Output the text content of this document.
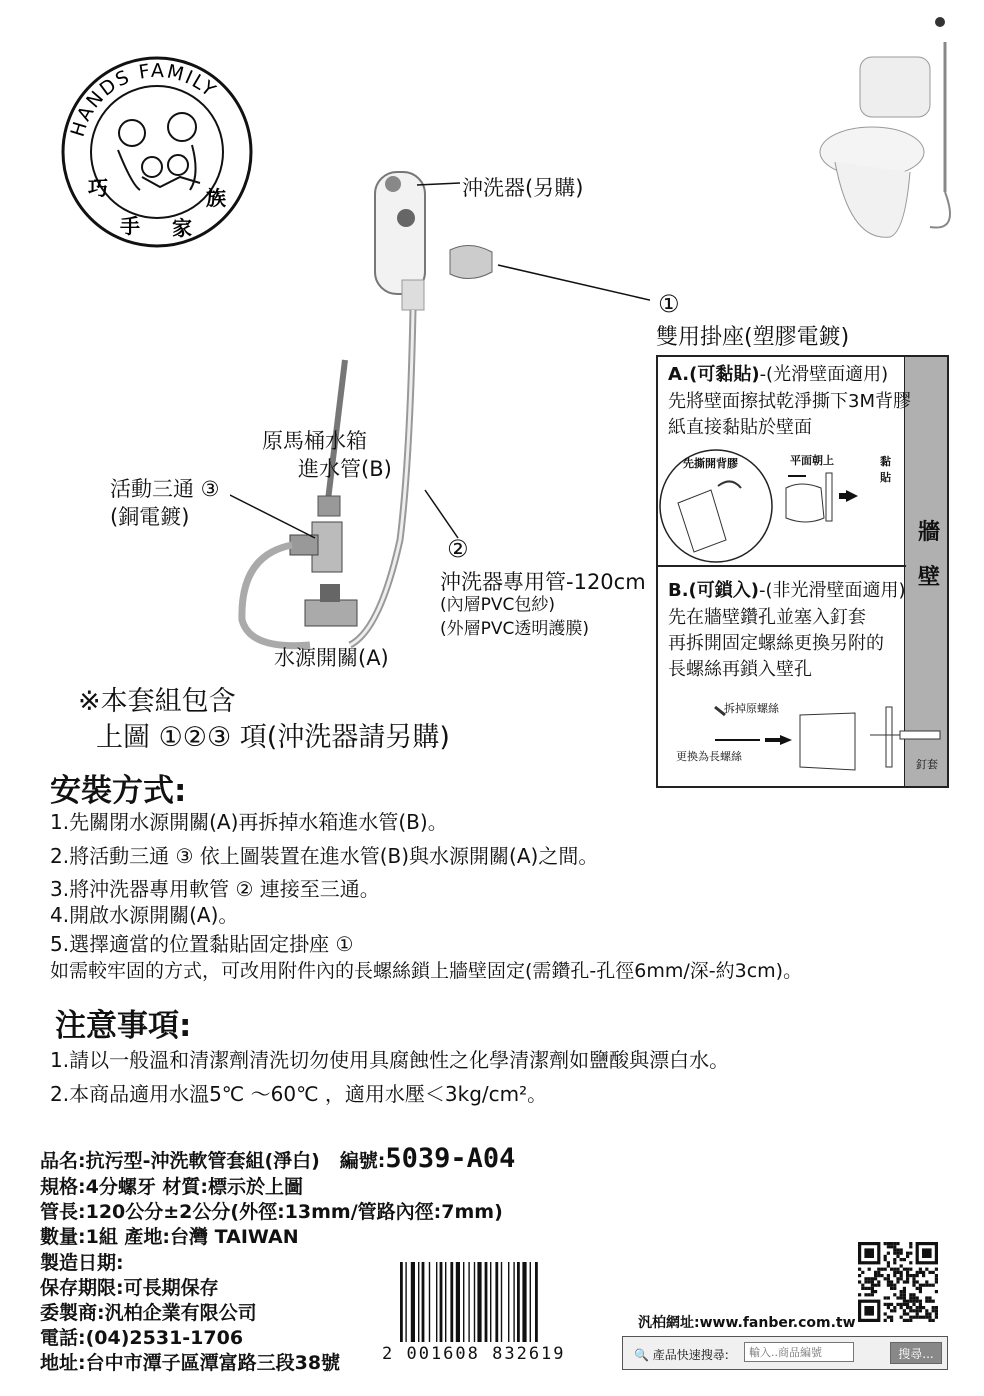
HANDS FAMILY
巧
手 家
族	沖洗器(另購)
①
雙用掛座(塑膠電鍍)
原馬桶水箱
進水管(B)
活動三通 ③
(銅電鍍)
②
沖洗器專用管-120cm
(內層PVC包紗)
(外層PVC透明護膜)
水源開關(A)
※本套組包含
上圖 ①②③ 項(沖洗器請另購)
牆
壁
A.(可黏貼)-(光滑壁面適用)
先將壁面擦拭乾淨撕下3M背膠
紙直接黏貼於壁面
先撕開背膠	平面朝上	黏貼
B.(可鎖入)-(非光滑壁面適用)
先在牆壁鑽孔並塞入釘套
再拆開固定螺絲更換另附的
長螺絲再鎖入壁孔
拆掉原螺絲
更換為長螺絲
釘套
安裝方式:
1.先關閉水源開關(A)再拆掉水箱進水管(B)。
2.將活動三通 ③ 依上圖裝置在進水管(B)與水源開關(A)之間。
3.將沖洗器專用軟管 ② 連接至三通。
4.開啟水源開關(A)。
5.選擇適當的位置黏貼固定掛座 ①
如需較牢固的方式，可改用附件內的長螺絲鎖上牆壁固定(需鑽孔-孔徑6mm/深-約3cm)。
注意事項:
1.請以一般溫和清潔劑清洗切勿使用具腐蝕性之化學清潔劑如鹽酸與漂白水。
2.本商品適用水溫5℃ ～60℃ ，適用水壓＜3kg/cm²。
品名:抗污型-沖洗軟管套組(淨白) 編號:5039-A04
規格:4分螺牙 材質:標示於上圖
管長:120公分±2公分(外徑:13mm/管路內徑:7mm)
數量:1組 產地:台灣 TAIWAN
製造日期:
保存期限:可長期保存
委製商:汎柏企業有限公司
電話:(04)2531-1706
地址:台中市潭子區潭富路三段38號 2 001608 832619
汎柏網址:www.fanber.com.tw
🔍 產品快速搜尋:
輸入..商品編號	搜尋...
